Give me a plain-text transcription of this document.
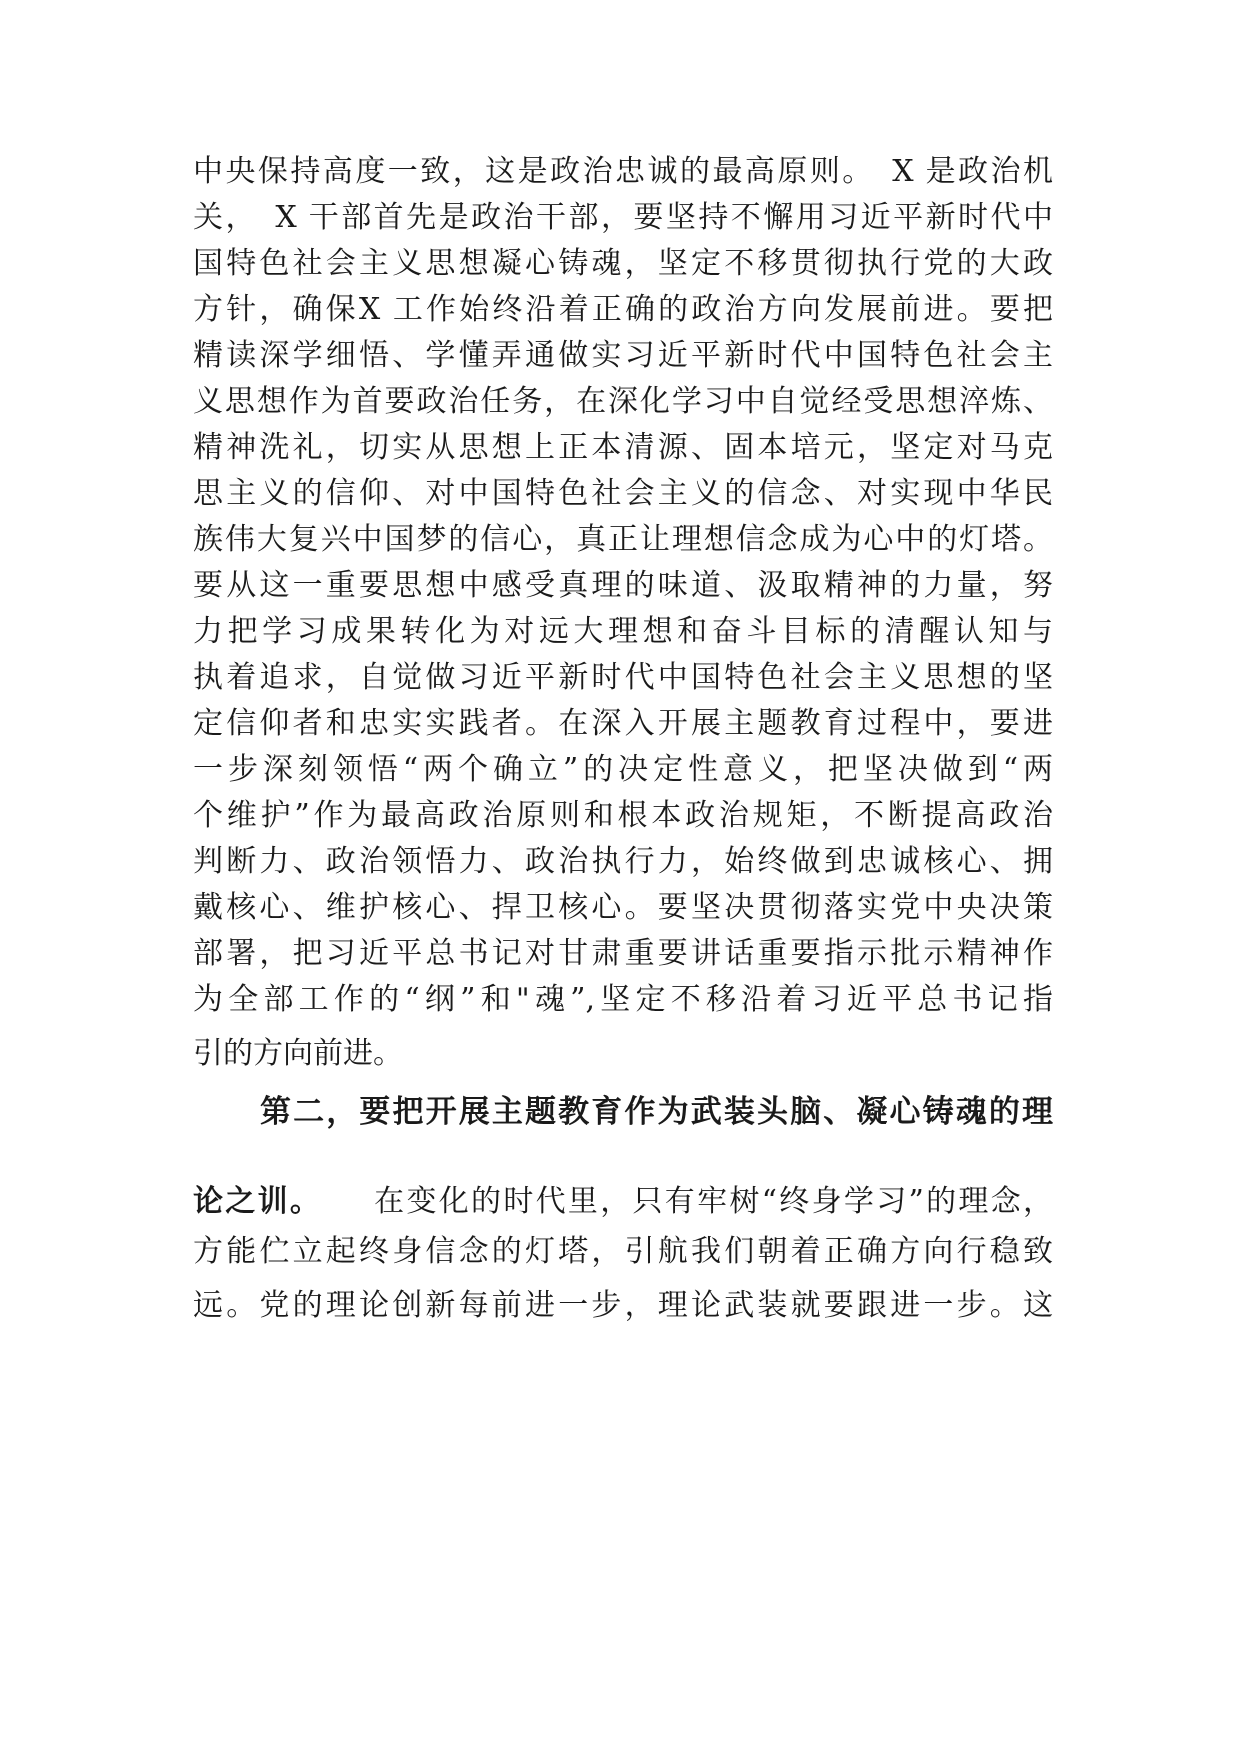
中央保持高度一致，这是政治忠诚的最高原则。　X 是政治机
关，　X 干部首先是政治干部，要坚持不懈用习近平新时代中
国特色社会主义思想凝心铸魂，坚定不移贯彻执行党的大政
方针，确保X 工作始终沿着正确的政治方向发展前进。要把
精读深学细悟、学懂弄通做实习近平新时代中国特色社会主
义思想作为首要政治任务，在深化学习中自觉经受思想淬炼、
精神洗礼，切实从思想上正本清源、固本培元，坚定对马克
思主义的信仰、对中国特色社会主义的信念、对实现中华民
族伟大复兴中国梦的信心，真正让理想信念成为心中的灯塔。
要从这一重要思想中感受真理的味道、汲取精神的力量，努
力把学习成果转化为对远大理想和奋斗目标的清醒认知与
执着追求，自觉做习近平新时代中国特色社会主义思想的坚
定信仰者和忠实实践者。在深入开展主题教育过程中，要进
一步深刻领悟“两个确立”的决定性意义，把坚决做到“两
个维护”作为最高政治原则和根本政治规矩，不断提高政治
判断力、政治领悟力、政治执行力，始终做到忠诚核心、拥
戴核心、维护核心、捍卫核心。要坚决贯彻落实党中央决策
部署，把习近平总书记对甘肃重要讲话重要指示批示精神作
为全部工作的“纲”和"魂”,坚定不移沿着习近平总书记指
引的方向前进。
第二，要把开展主题教育作为武装头脑、凝心铸魂的理
论之训。 在变化的时代里，只有牢树“终身学习”的理念，
方能伫立起终身信念的灯塔，引航我们朝着正确方向行稳致
远。党的理论创新每前进一步，理论武装就要跟进一步。这
